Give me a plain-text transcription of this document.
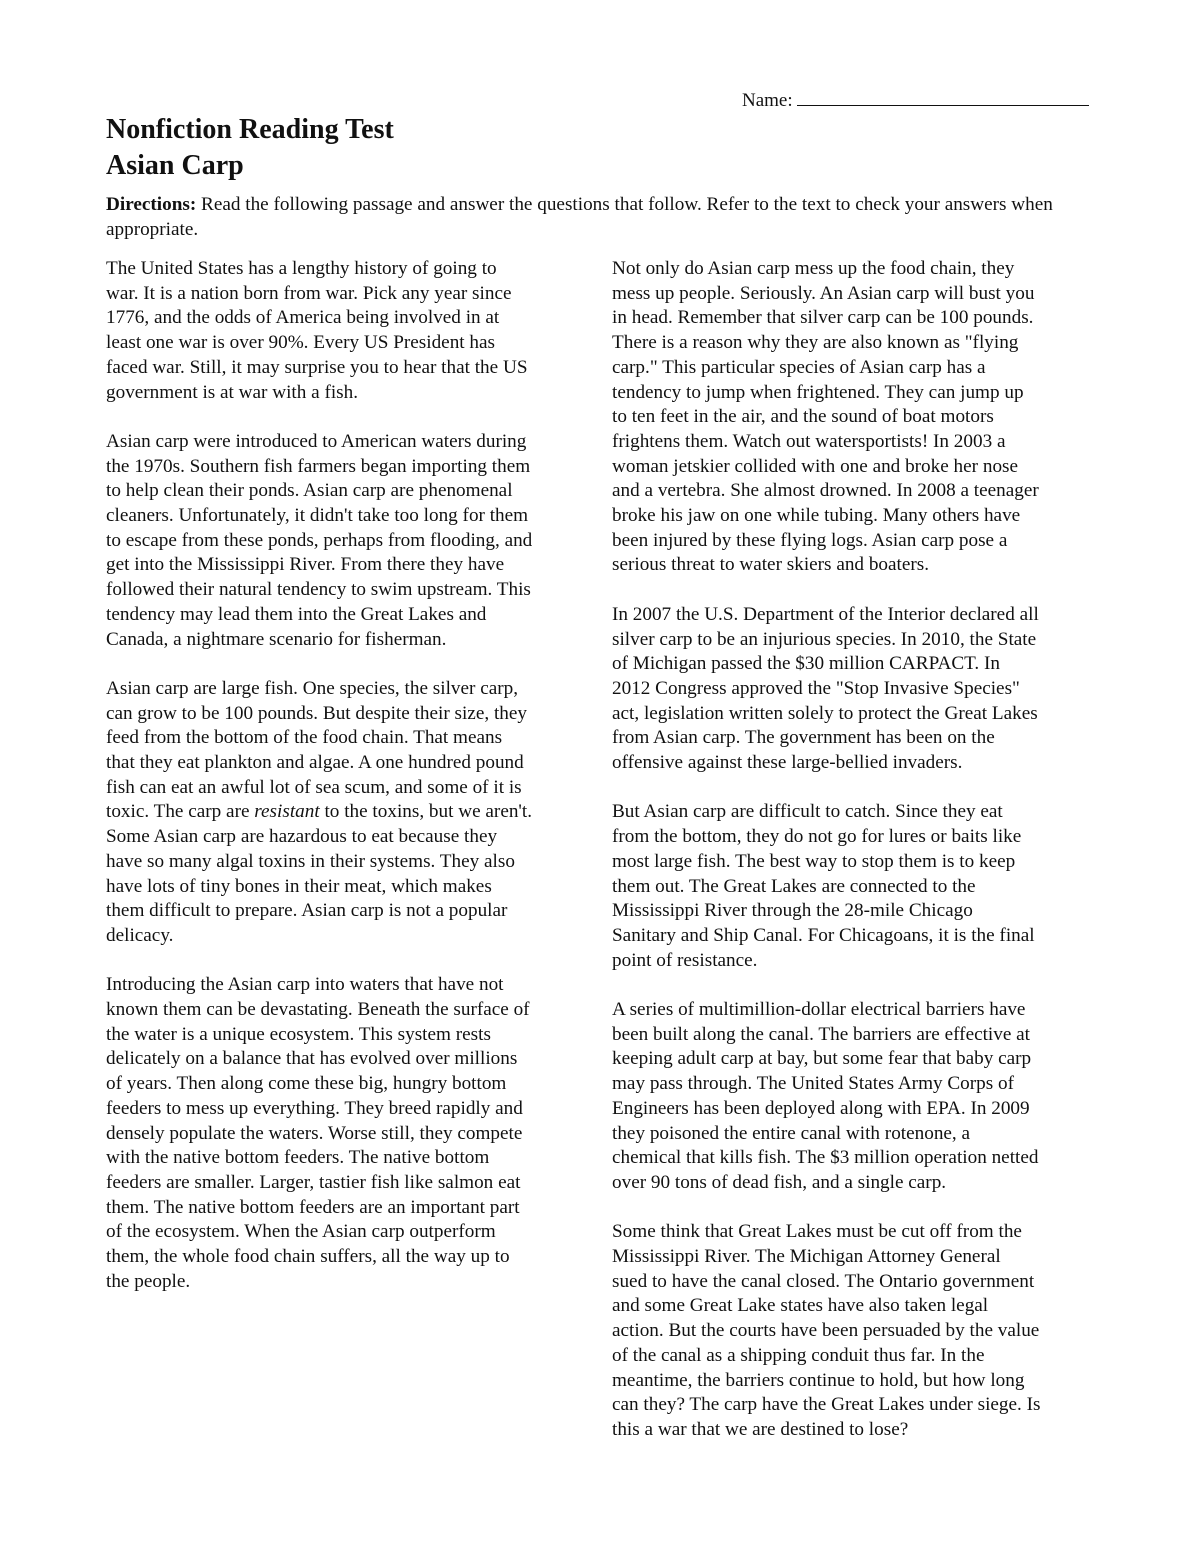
Name:
Nonfiction Reading Test
Asian Carp

Directions: Read the following passage and answer the questions that follow. Refer to the text to check your answers when appropriate.

The United States has a lengthy history of going to
war. It is a nation born from war. Pick any year since
1776, and the odds of America being involved in at
least one war is over 90%. Every US President has
faced war. Still, it may surprise you to hear that the US
government is at war with a fish.

Asian carp were introduced to American waters during
the 1970s. Southern fish farmers began importing them
to help clean their ponds. Asian carp are phenomenal
cleaners. Unfortunately, it didn't take too long for them
to escape from these ponds, perhaps from flooding, and
get into the Mississippi River. From there they have
followed their natural tendency to swim upstream. This
tendency may lead them into the Great Lakes and
Canada, a nightmare scenario for fisherman.

Asian carp are large fish. One species, the silver carp,
can grow to be 100 pounds. But despite their size, they
feed from the bottom of the food chain. That means
that they eat plankton and algae. A one hundred pound
fish can eat an awful lot of sea scum, and some of it is
toxic. The carp are resistant to the toxins, but we aren't.
Some Asian carp are hazardous to eat because they
have so many algal toxins in their systems. They also
have lots of tiny bones in their meat, which makes
them difficult to prepare. Asian carp is not a popular
delicacy.

Introducing the Asian carp into waters that have not
known them can be devastating. Beneath the surface of
the water is a unique ecosystem. This system rests
delicately on a balance that has evolved over millions
of years. Then along come these big, hungry bottom
feeders to mess up everything. They breed rapidly and
densely populate the waters. Worse still, they compete
with the native bottom feeders. The native bottom
feeders are smaller. Larger, tastier fish like salmon eat
them. The native bottom feeders are an important part
of the ecosystem. When the Asian carp outperform
them, the whole food chain suffers, all the way up to
the people.

Not only do Asian carp mess up the food chain, they
mess up people. Seriously. An Asian carp will bust you
in head. Remember that silver carp can be 100 pounds.
There is a reason why they are also known as "flying
carp." This particular species of Asian carp has a
tendency to jump when frightened. They can jump up
to ten feet in the air, and the sound of boat motors
frightens them. Watch out watersportists! In 2003 a
woman jetskier collided with one and broke her nose
and a vertebra. She almost drowned. In 2008 a teenager
broke his jaw on one while tubing. Many others have
been injured by these flying logs. Asian carp pose a
serious threat to water skiers and boaters.

In 2007 the U.S. Department of the Interior declared all
silver carp to be an injurious species. In 2010, the State
of Michigan passed the $30 million CARPACT. In
2012 Congress approved the "Stop Invasive Species"
act, legislation written solely to protect the Great Lakes
from Asian carp. The government has been on the
offensive against these large-bellied invaders.

But Asian carp are difficult to catch. Since they eat
from the bottom, they do not go for lures or baits like
most large fish. The best way to stop them is to keep
them out. The Great Lakes are connected to the
Mississippi River through the 28-mile Chicago
Sanitary and Ship Canal. For Chicagoans, it is the final
point of resistance.

A series of multimillion-dollar electrical barriers have
been built along the canal. The barriers are effective at
keeping adult carp at bay, but some fear that baby carp
may pass through. The United States Army Corps of
Engineers has been deployed along with EPA. In 2009
they poisoned the entire canal with rotenone, a
chemical that kills fish. The $3 million operation netted
over 90 tons of dead fish, and a single carp.

Some think that Great Lakes must be cut off from the
Mississippi River. The Michigan Attorney General
sued to have the canal closed. The Ontario government
and some Great Lake states have also taken legal
action. But the courts have been persuaded by the value
of the canal as a shipping conduit thus far. In the
meantime, the barriers continue to hold, but how long
can they? The carp have the Great Lakes under siege. Is
this a war that we are destined to lose?
